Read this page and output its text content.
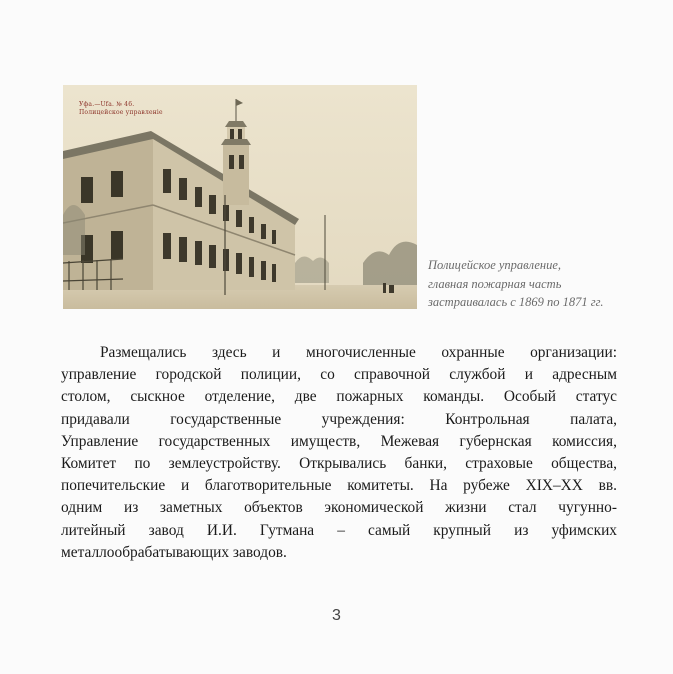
Уфа.—Ufa. № 46.
Полицейское управленіе
Полицейское управление,
главная пожарная часть
застраивалась с 1869 по 1871 гг.
Размещались здесь и многочисленные охранные организации:
управление городской полиции, со справочной службой и адресным
столом, сыскное отделение, две пожарных команды. Особый статус
придавали государственные учреждения: Контрольная палата,
Управление государственных имуществ, Межевая губернская комиссия,
Комитет по землеустройству. Открывались банки, страховые общества,
попечительские и благотворительные комитеты. На рубеже XIX–XX вв.
одним из заметных объектов экономической жизни стал чугунно-
литейный завод И.И. Гутмана – самый крупный из уфимских
металлообрабатывающих заводов.
3
